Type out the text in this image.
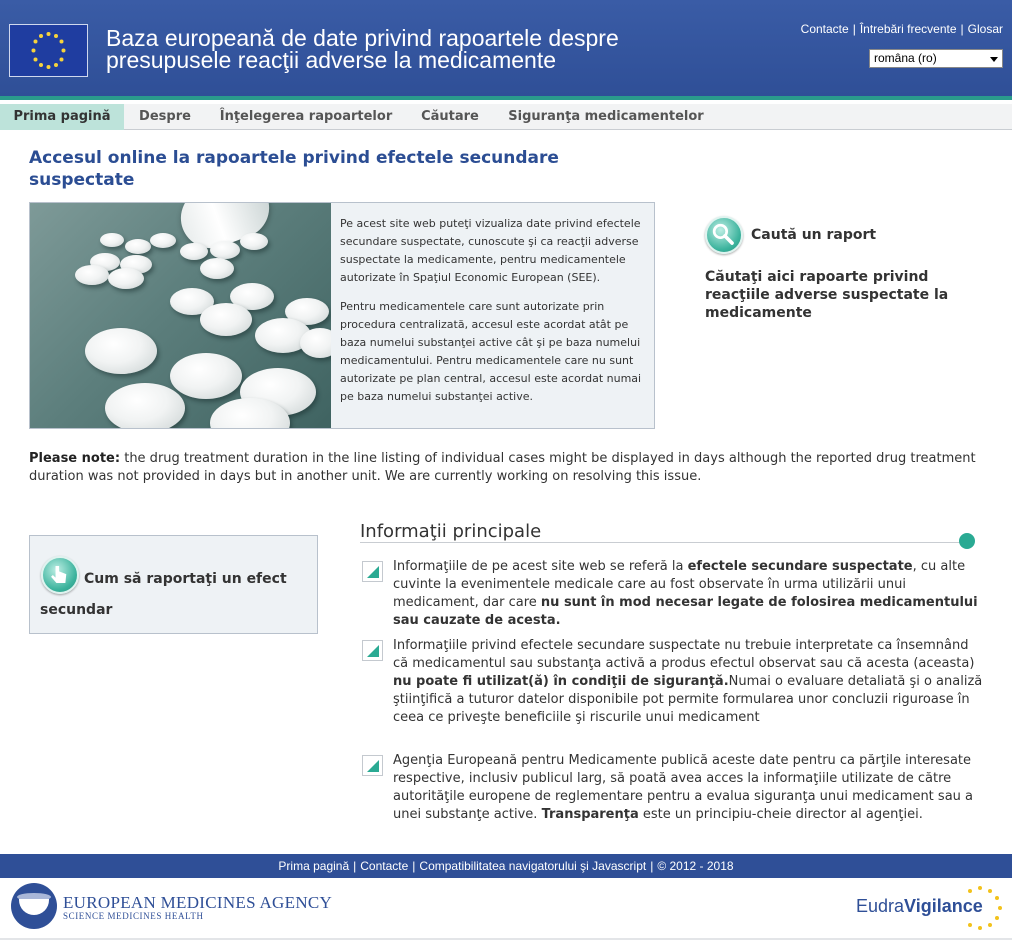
Baza europeană de date privind rapoartele despre
presupusele reacţii adverse la medicamente
Contacte | Întrebări frecvente | Glosar
româna (ro)
Prima pagină	Despre	Înţelegerea rapoartelor	Căutare	Siguranţa medicamentelor
Accesul online la rapoartele privind efectele secundare suspectate

Pe acest site web puteţi vizualiza date privind efectele secundare suspectate, cunoscute şi ca reacţii adverse suspectate la medicamente, pentru medicamentele autorizate în Spaţiul Economic European (SEE).

Pentru medicamentele care sunt autorizate prin procedura centralizată, accesul este acordat atât pe baza numelui substanţei active cât şi pe baza numelui medicamentului. Pentru medicamentele care nu sunt autorizate pe plan central, accesul este acordat numai pe baza numelui substanţei active.

Caută un raport
Căutaţi aici rapoarte privind reacţiile adverse suspectate la medicamente
Please note: the drug treatment duration in the line listing of individual cases might be displayed in days although the reported drug treatment duration was not provided in days but in another unit. We are currently working on resolving this issue.
Cum să raportaţi un efect secundar
Informaţii principale
Informaţiile de pe acest site web se referă la efectele secundare suspectate, cu alte cuvinte la evenimentele medicale care au fost observate în urma utilizării unui medicament, dar care nu sunt în mod necesar legate de folosirea medicamentului sau cauzate de acesta.
Informaţiile privind efectele secundare suspectate nu trebuie interpretate ca însemnând că medicamentul sau substanţa activă a produs efectul observat sau că acesta (aceasta) nu poate fi utilizat(ă) în condiţii de siguranţă.Numai o evaluare detaliată şi o analiză ştiinţifică a tuturor datelor disponibile pot permite formularea unor concluzii riguroase în ceea ce priveşte beneficiile şi riscurile unui medicament
Agenţia Europeană pentru Medicamente publică aceste date pentru ca părţile interesate respective, inclusiv publicul larg, să poată avea acces la informaţiile utilizate de către autorităţile europene de reglementare pentru a evalua siguranţa unui medicament sau a unei substanţe active. Transparenţa este un principiu-cheie director al agenţiei.
Prima pagină | Contacte | Compatibilitatea navigatorului şi Javascript | © 2012 - 2018
EUROPEAN MEDICINES AGENCY
SCIENCE MEDICINES HEALTH	EudraVigilance
